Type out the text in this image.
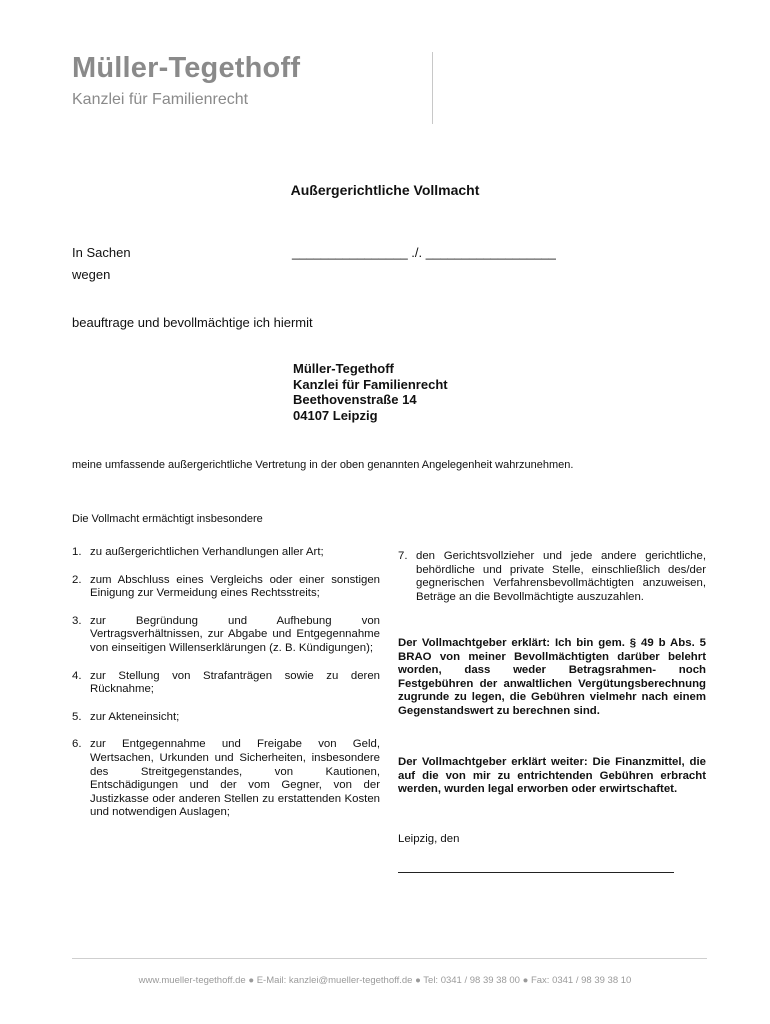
Müller-Tegethoff
Kanzlei für Familienrecht
Außergerichtliche Vollmacht
In Sachen	________________ ./. __________________
wegen
beauftrage und bevollmächtige ich hiermit
Müller-Tegethoff
Kanzlei für Familienrecht
Beethovenstraße 14
04107 Leipzig
meine umfassende außergerichtliche Vertretung in der oben genannten Angelegenheit wahrzunehmen.
Die Vollmacht ermächtigt insbesondere
1. zu außergerichtlichen Verhandlungen aller Art;
2. zum Abschluss eines Vergleichs oder einer sonstigen Einigung zur Vermeidung eines Rechtsstreits;
3. zur Begründung und Aufhebung von Vertragsverhältnissen, zur Abgabe und Entgegennahme von einseitigen Willenserklärungen (z. B. Kündigungen);
4. zur Stellung von Strafanträgen sowie zu deren Rücknahme;
5. zur Akteneinsicht;
6. zur Entgegennahme und Freigabe von Geld, Wertsachen, Urkunden und Sicherheiten, insbesondere des Streitgegenstandes, von Kautionen, Entschädigungen und der vom Gegner, von der Justizkasse oder anderen Stellen zu erstattenden Kosten und notwendigen Auslagen;
7. den Gerichtsvollzieher und jede andere gerichtliche, behördliche und private Stelle, einschließlich des/der gegnerischen Verfahrensbevollmächtigten anzuweisen, Beträge an die Bevollmächtigte auszuzahlen.
Der Vollmachtgeber erklärt: Ich bin gem. § 49 b Abs. 5 BRAO von meiner Bevollmächtigten darüber belehrt worden, dass weder Betragsrahmen- noch Festgebühren der anwaltlichen Vergütungsberechnung zugrunde zu legen, die Gebühren vielmehr nach einem Gegenstandswert zu berechnen sind.
Der Vollmachtgeber erklärt weiter: Die Finanzmittel, die auf die von mir zu entrichtenden Gebühren erbracht werden, wurden legal erworben oder erwirtschaftet.
Leipzig, den
www.mueller-tegethoff.de ● E-Mail: kanzlei@mueller-tegethoff.de ● Tel: 0341 / 98 39 38 00 ● Fax: 0341 / 98 39 38 10
